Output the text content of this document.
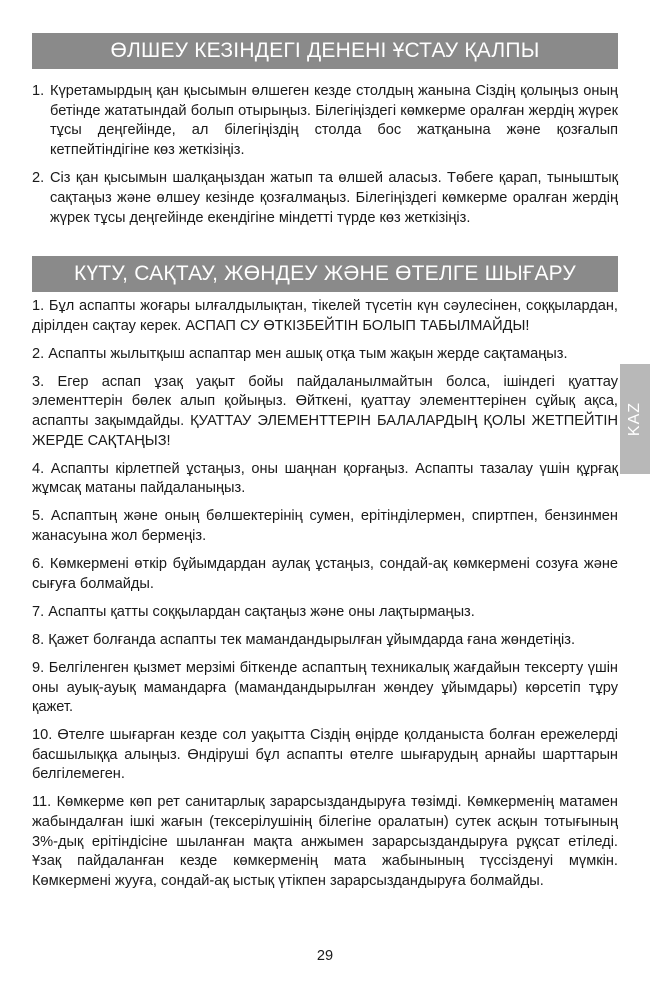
ӨЛШЕУ КЕЗІНДЕГІ ДЕНЕНІ ҰСТАУ ҚАЛПЫ
1. Күретамырдың қан қысымын өлшеген кезде столдың жанына Сіздің қолыңыз оның бетінде жататындай болып отырыңыз. Білегіңіздегі көмкерме оралған жердің жүрек тұсы деңгейінде, ал білегіңіздің столда бос жатқанына және қозғалып кетпейтіндігіне көз жеткізіңіз.
2. Сіз қан қысымын шалқаңыздан жатып та өлшей аласыз. Төбеге қарап, тыныштық сақтаңыз және өлшеу кезінде қозғалмаңыз. Білегіңіздегі көмкерме оралған жердің жүрек тұсы деңгейінде екендігіне міндетті түрде көз жеткізіңіз.
КҮТУ, САҚТАУ, ЖӨНДЕУ ЖӘНЕ ӨТЕЛГЕ ШЫҒАРУ

1. Бұл аспапты жоғары ылғалдылықтан, тікелей түсетін күн сәулесінен, соққылардан, дірілден сақтау керек. АСПАП СУ ӨТКІЗБЕЙТІН БОЛЫП ТАБЫЛМАЙДЫ!

2. Аспапты жылытқыш аспаптар мен ашық отқа тым жақын жерде сақтамаңыз.

3. Егер аспап ұзақ уақыт бойы пайдаланылмайтын болса, ішіндегі қуаттау элементтерін бөлек алып қойыңыз. Өйткені, қуаттау элементтерінен сұйық ақса, аспапты зақымдайды. ҚУАТТАУ ЭЛЕМЕНТТЕРІН БАЛАЛАРДЫҢ ҚОЛЫ ЖЕТПЕЙТІН ЖЕРДЕ САҚТАҢЫЗ!

4. Аспапты кірлетпей ұстаңыз, оны шаңнан қорғаңыз. Аспапты тазалау үшін құрғақ жұмсақ матаны пайдаланыңыз.

5. Аспаптың және оның бөлшектерінің сумен, ерітінділермен, спиртпен, бензинмен жанасуына жол бермеңіз.

6. Көмкермені өткір бұйымдардан аулақ ұстаңыз, сондай-ақ көмкермені созуға және сығуға болмайды.

7. Аспапты қатты соққылардан сақтаңыз және оны лақтырмаңыз.

8. Қажет болғанда аспапты тек мамандандырылған ұйымдарда ғана жөндетіңіз.

9. Белгіленген қызмет мерзімі біткенде аспаптың техникалық жағдайын тексерту үшін оны ауық-ауық мамандарға (мамандандырылған жөндеу ұйымдары) көрсетіп тұру қажет.

10. Өтелге шығарған кезде сол уақытта Сіздің өңірде қолданыста болған ережелерді басшылыққа алыңыз. Өндіруші бұл аспапты өтелге шығарудың арнайы шарттарын белгілемеген.

11. Көмкерме көп рет санитарлық зарарсыздандыруға төзімді. Көмкерменің матамен жабындалған ішкі жағын (тексерілушінің білегіне оралатын) сутек асқын тотығының 3%-дық ерітіндісіне шыланған мақта анжымен зарарсыздандыруға рұқсат етіледі. Ұзақ пайдаланған кезде көмкерменің мата жабынының түссізденуі мүмкін. Көмкермені жууға, сондай-ақ ыстық үтікпен зарарсыздандыруға болмайды.

KAZ
29
